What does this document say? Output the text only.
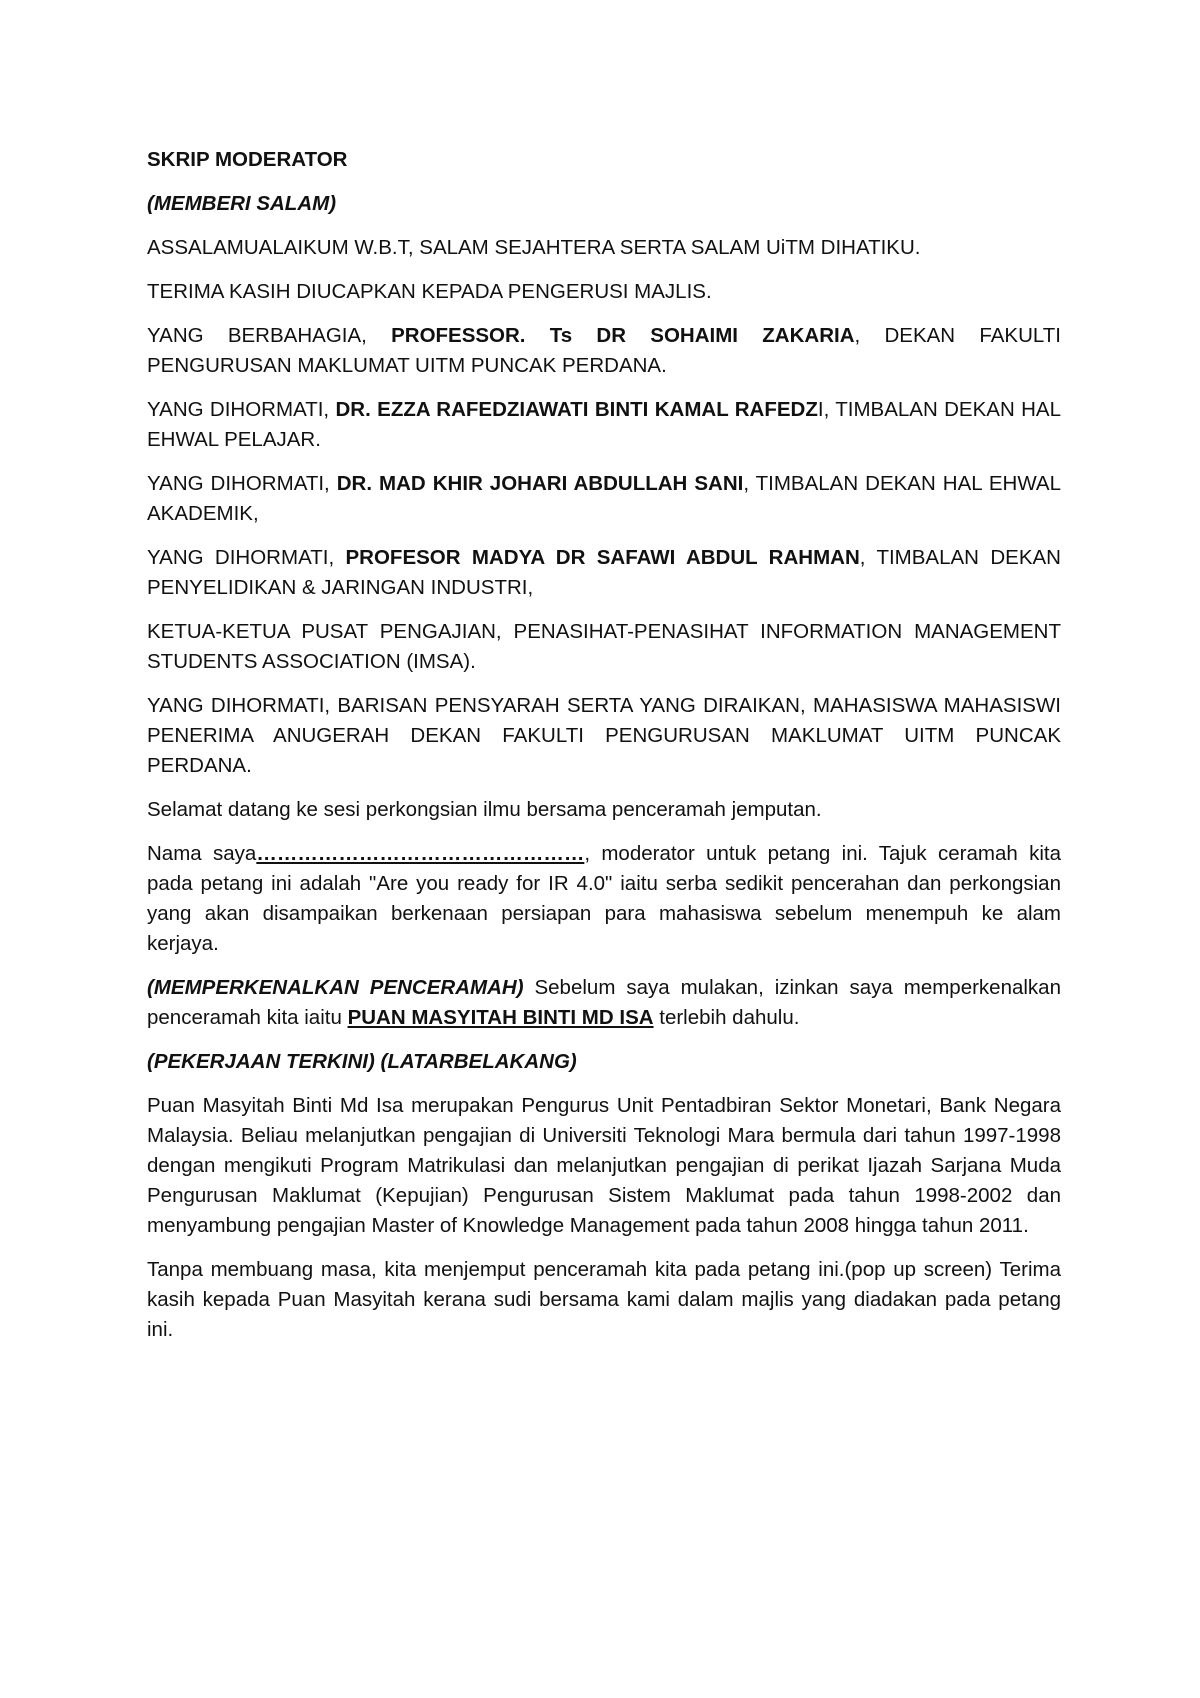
SKRIP MODERATOR

(MEMBERI SALAM)

ASSALAMUALAIKUM W.B.T, SALAM SEJAHTERA SERTA SALAM UiTM DIHATIKU.

TERIMA KASIH DIUCAPKAN KEPADA PENGERUSI MAJLIS.

YANG BERBAHAGIA, PROFESSOR. Ts DR SOHAIMI ZAKARIA, DEKAN FAKULTI PENGURUSAN MAKLUMAT UITM PUNCAK PERDANA.

YANG DIHORMATI, DR. EZZA RAFEDZIAWATI BINTI KAMAL RAFEDZI, TIMBALAN DEKAN HAL EHWAL PELAJAR.

YANG DIHORMATI, DR. MAD KHIR JOHARI ABDULLAH SANI, TIMBALAN DEKAN HAL EHWAL AKADEMIK,

YANG DIHORMATI, PROFESOR MADYA DR SAFAWI ABDUL RAHMAN, TIMBALAN DEKAN PENYELIDIKAN & JARINGAN INDUSTRI,

KETUA-KETUA PUSAT PENGAJIAN, PENASIHAT-PENASIHAT INFORMATION MANAGEMENT STUDENTS ASSOCIATION (IMSA).

YANG DIHORMATI, BARISAN PENSYARAH SERTA YANG DIRAIKAN, MAHASISWA MAHASISWI PENERIMA ANUGERAH DEKAN FAKULTI PENGURUSAN MAKLUMAT UITM PUNCAK PERDANA.

Selamat datang ke sesi perkongsian ilmu bersama penceramah jemputan.

Nama saya…………………………………………, moderator untuk petang ini. Tajuk ceramah kita pada petang ini adalah "Are you ready for IR 4.0" iaitu serba sedikit pencerahan dan perkongsian yang akan disampaikan berkenaan persiapan para mahasiswa sebelum menempuh ke alam kerjaya.

(MEMPERKENALKAN PENCERAMAH) Sebelum saya mulakan, izinkan saya memperkenalkan penceramah kita iaitu PUAN MASYITAH BINTI MD ISA terlebih dahulu.

(PEKERJAAN TERKINI) (LATARBELAKANG)

Puan Masyitah Binti Md Isa merupakan Pengurus Unit Pentadbiran Sektor Monetari, Bank Negara Malaysia. Beliau melanjutkan pengajian di Universiti Teknologi Mara bermula dari tahun 1997-1998 dengan mengikuti Program Matrikulasi dan melanjutkan pengajian di perikat Ijazah Sarjana Muda Pengurusan Maklumat (Kepujian) Pengurusan Sistem Maklumat pada tahun 1998-2002 dan menyambung pengajian Master of Knowledge Management pada tahun 2008 hingga tahun 2011.

Tanpa membuang masa, kita menjemput penceramah kita pada petang ini.(pop up screen) Terima kasih kepada Puan Masyitah kerana sudi bersama kami dalam majlis yang diadakan pada petang ini.
